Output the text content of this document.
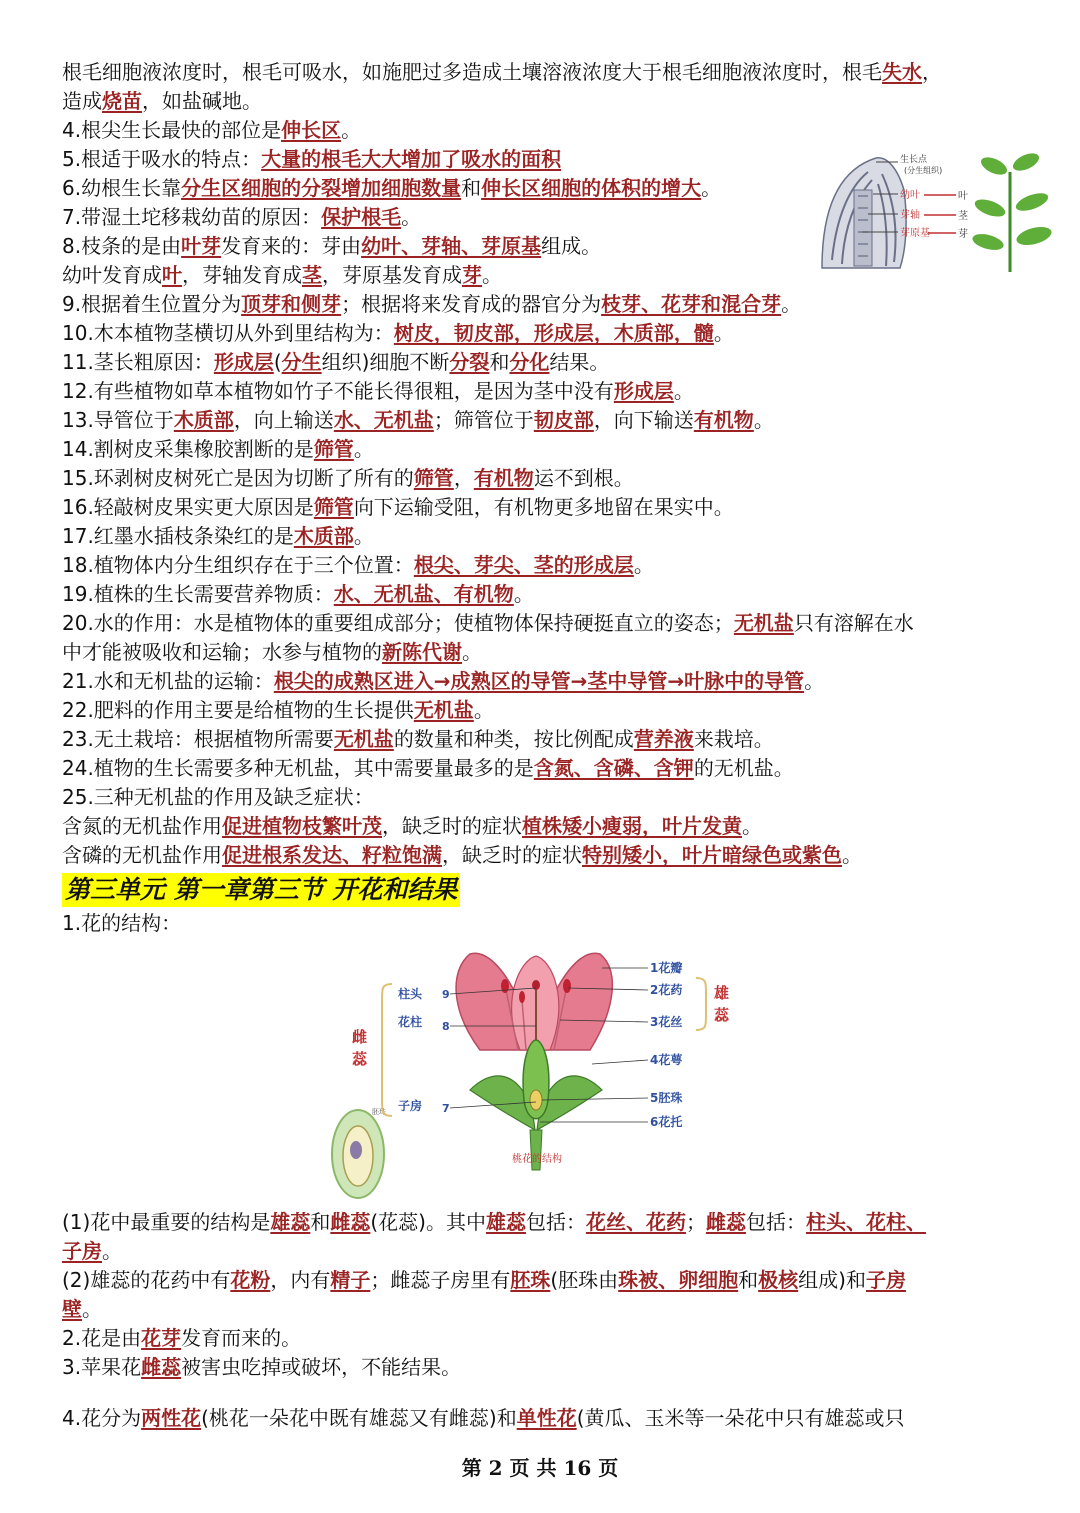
根毛细胞液浓度时，根毛可吸水，如施肥过多造成土壤溶液浓度大于根毛细胞液浓度时，根毛失水，
造成烧苗，如盐碱地。
4.根尖生长最快的部位是伸长区。
5.根适于吸水的特点：大量的根毛大大增加了吸水的面积
6.幼根生长靠分生区细胞的分裂增加细胞数量和伸长区细胞的体积的增大。
7.带湿土坨移栽幼苗的原因：保护根毛。
8.枝条的是由叶芽发育来的：芽由幼叶、芽轴、芽原基组成。
幼叶发育成叶，芽轴发育成茎，芽原基发育成芽。
9.根据着生位置分为顶芽和侧芽；根据将来发育成的器官分为枝芽、花芽和混合芽。
10.木本植物茎横切从外到里结构为：树皮，韧皮部，形成层，木质部，髓。
11.茎长粗原因：形成层(分生组织)细胞不断分裂和分化结果。
12.有些植物如草本植物如竹子不能长得很粗，是因为茎中没有形成层。
13.导管位于木质部，向上输送水、无机盐；筛管位于韧皮部，向下输送有机物。
14.割树皮采集橡胶割断的是筛管。
15.环剥树皮树死亡是因为切断了所有的筛管，有机物运不到根。
16.轻敲树皮果实更大原因是筛管向下运输受阻，有机物更多地留在果实中。
17.红墨水插枝条染红的是木质部。
18.植物体内分生组织存在于三个位置：根尖、芽尖、茎的形成层。
19.植株的生长需要营养物质：水、无机盐、有机物。
20.水的作用：水是植物体的重要组成部分；使植物体保持硬挺直立的姿态；无机盐只有溶解在水
中才能被吸收和运输；水参与植物的新陈代谢。
21.水和无机盐的运输：根尖的成熟区进入→成熟区的导管→茎中导管→叶脉中的导管。
22.肥料的作用主要是给植物的生长提供无机盐。
23.无土栽培：根据植物所需要无机盐的数量和种类，按比例配成营养液来栽培。
24.植物的生长需要多种无机盐，其中需要量最多的是含氮、含磷、含钾的无机盐。
25.三种无机盐的作用及缺乏症状：
含氮的无机盐作用促进植物枝繁叶茂，缺乏时的症状植株矮小瘦弱，叶片发黄。
含磷的无机盐作用促进根系发达、籽粒饱满，缺乏时的症状特别矮小，叶片暗绿色或紫色。
第三单元 第一章第三节 开花和结果
1.花的结构：
(1)花中最重要的结构是雄蕊和雌蕊(花蕊)。其中雄蕊包括：花丝、花药；雌蕊包括：柱头、花柱、
子房。
(2)雄蕊的花药中有花粉，内有精子；雌蕊子房里有胚珠(胚珠由珠被、卵细胞和极核组成)和子房
壁。
2.花是由花芽发育而来的。
3.苹果花雌蕊被害虫吃掉或破坏，不能结果。
4.花分为两性花(桃花一朵花中既有雄蕊又有雌蕊)和单性花(黄瓜、玉米等一朵花中只有雄蕊或只
生长点
(分生组织)
幼叶
芽轴
芽原基
叶
茎
芽
胚珠
柱头 9
花柱 8
子房 7
雌
蕊
1花瓣
2花药
3花丝
4花萼
5胚珠
6花托
雄
蕊
桃花的结构
第 2 页 共 16 页
